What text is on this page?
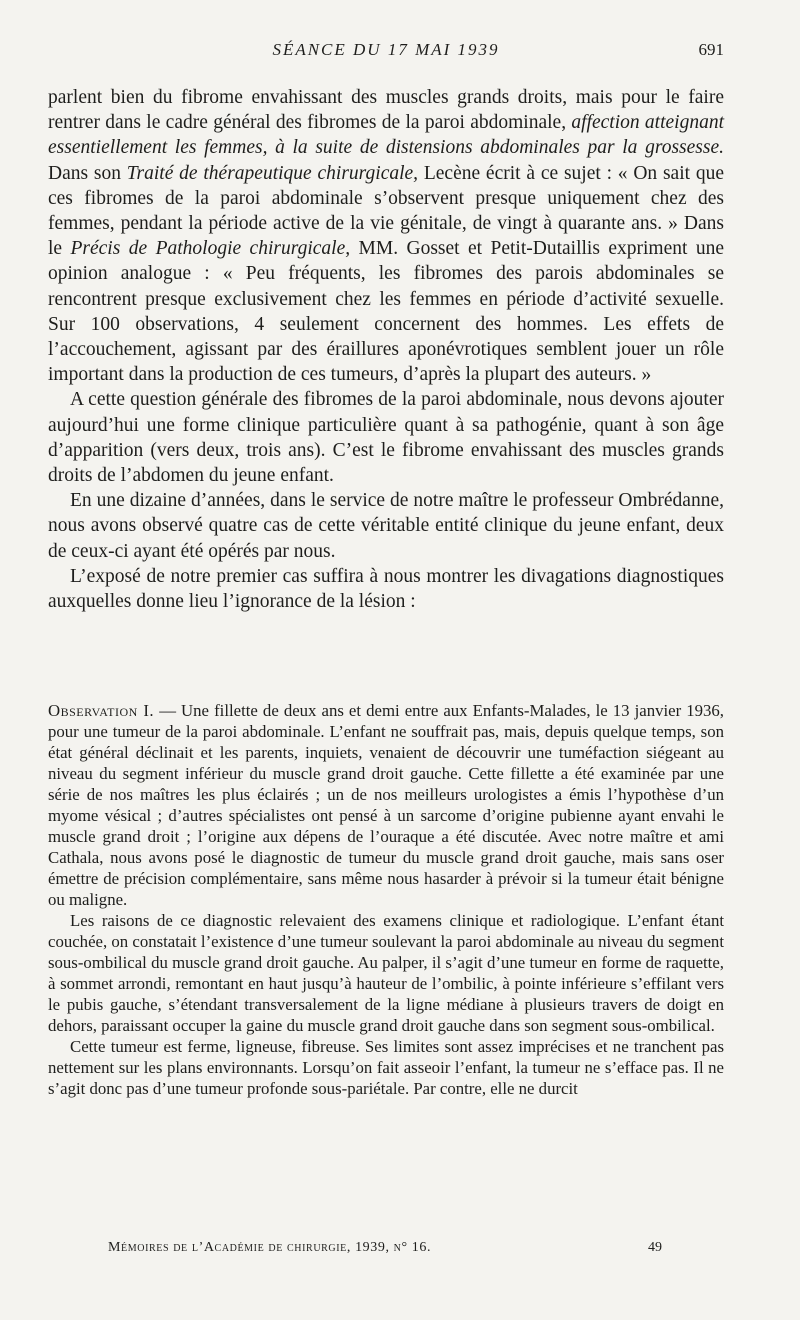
SÉANCE DU 17 MAI 1939	691

parlent bien du fibrome envahissant des muscles grands droits, mais pour le faire rentrer dans le cadre général des fibromes de la paroi abdominale, affection atteignant essentiellement les femmes, à la suite de distensions abdominales par la grossesse. Dans son Traité de thérapeutique chirurgicale, Lecène écrit à ce sujet : « On sait que ces fibromes de la paroi abdominale s’observent presque uniquement chez des femmes, pendant la période active de la vie génitale, de vingt à quarante ans. » Dans le Précis de Pathologie chirurgicale, MM. Gosset et Petit-Dutaillis expriment une opinion analogue : « Peu fréquents, les fibromes des parois abdominales se rencontrent presque exclusivement chez les femmes en période d’activité sexuelle. Sur 100 observations, 4 seulement concernent des hommes. Les effets de l’accouchement, agissant par des éraillures aponévrotiques semblent jouer un rôle important dans la production de ces tumeurs, d’après la plupart des auteurs. »

A cette question générale des fibromes de la paroi abdominale, nous devons ajouter aujourd’hui une forme clinique particulière quant à sa pathogénie, quant à son âge d’apparition (vers deux, trois ans). C’est le fibrome envahissant des muscles grands droits de l’abdomen du jeune enfant.

En une dizaine d’années, dans le service de notre maître le professeur Ombrédanne, nous avons observé quatre cas de cette véritable entité clinique du jeune enfant, deux de ceux-ci ayant été opérés par nous.

L’exposé de notre premier cas suffira à nous montrer les divagations diagnostiques auxquelles donne lieu l’ignorance de la lésion :

Observation I. — Une fillette de deux ans et demi entre aux Enfants-Malades, le 13 janvier 1936, pour une tumeur de la paroi abdominale. L’enfant ne souffrait pas, mais, depuis quelque temps, son état général déclinait et les parents, inquiets, venaient de découvrir une tuméfaction siégeant au niveau du segment inférieur du muscle grand droit gauche. Cette fillette a été examinée par une série de nos maîtres les plus éclairés ; un de nos meilleurs urologistes a émis l’hypothèse d’un myome vésical ; d’autres spécialistes ont pensé à un sarcome d’origine pubienne ayant envahi le muscle grand droit ; l’origine aux dépens de l’ouraque a été discutée. Avec notre maître et ami Cathala, nous avons posé le diagnostic de tumeur du muscle grand droit gauche, mais sans oser émettre de précision complémentaire, sans même nous hasarder à prévoir si la tumeur était bénigne ou maligne.

Les raisons de ce diagnostic relevaient des examens clinique et radiologique. L’enfant étant couchée, on constatait l’existence d’une tumeur soulevant la paroi abdominale au niveau du segment sous-ombilical du muscle grand droit gauche. Au palper, il s’agit d’une tumeur en forme de raquette, à sommet arrondi, remontant en haut jusqu’à hauteur de l’ombilic, à pointe inférieure s’effilant vers le pubis gauche, s’étendant transversalement de la ligne médiane à plusieurs travers de doigt en dehors, paraissant occuper la gaine du muscle grand droit gauche dans son segment sous-ombilical.

Cette tumeur est ferme, ligneuse, fibreuse. Ses limites sont assez imprécises et ne tranchent pas nettement sur les plans environnants. Lorsqu’on fait asseoir l’enfant, la tumeur ne s’efface pas. Il ne s’agit donc pas d’une tumeur profonde sous-pariétale. Par contre, elle ne durcit

Mémoires de l’Académie de chirurgie, 1939, n° 16.	49
